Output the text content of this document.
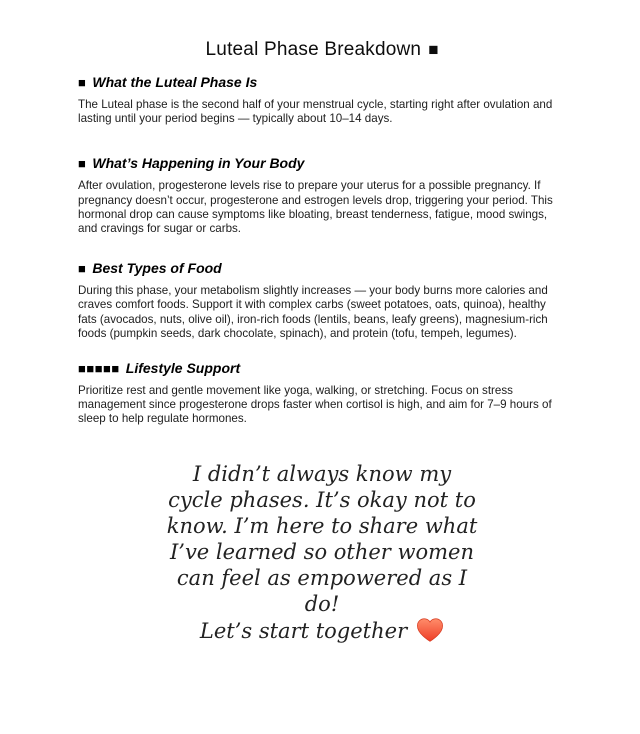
Luteal Phase Breakdown ■
■ What the Luteal Phase Is

The Luteal phase is the second half of your menstrual cycle, starting right after ovulation and lasting until your period begins — typically about 10–14 days.

■ What’s Happening in Your Body

After ovulation, progesterone levels rise to prepare your uterus for a possible pregnancy. If pregnancy doesn’t occur, progesterone and estrogen levels drop, triggering your period. This hormonal drop can cause symptoms like bloating, breast tenderness, fatigue, mood swings, and cravings for sugar or carbs.

■ Best Types of Food

During this phase, your metabolism slightly increases — your body burns more calories and craves comfort foods. Support it with complex carbs (sweet potatoes, oats, quinoa), healthy fats (avocados, nuts, olive oil), iron-rich foods (lentils, beans, leafy greens), magnesium-rich foods (pumpkin seeds, dark chocolate, spinach), and protein (tofu, tempeh, legumes).

■■■■■ Lifestyle Support

Prioritize rest and gentle movement like yoga, walking, or stretching. Focus on stress management since progesterone drops faster when cortisol is high, and aim for 7–9 hours of sleep to help regulate hormones.

I didn’t always know my
cycle phases. It’s okay not to
know. I’m here to share what
I’ve learned so other women
can feel as empowered as I
do!
Let’s start together
